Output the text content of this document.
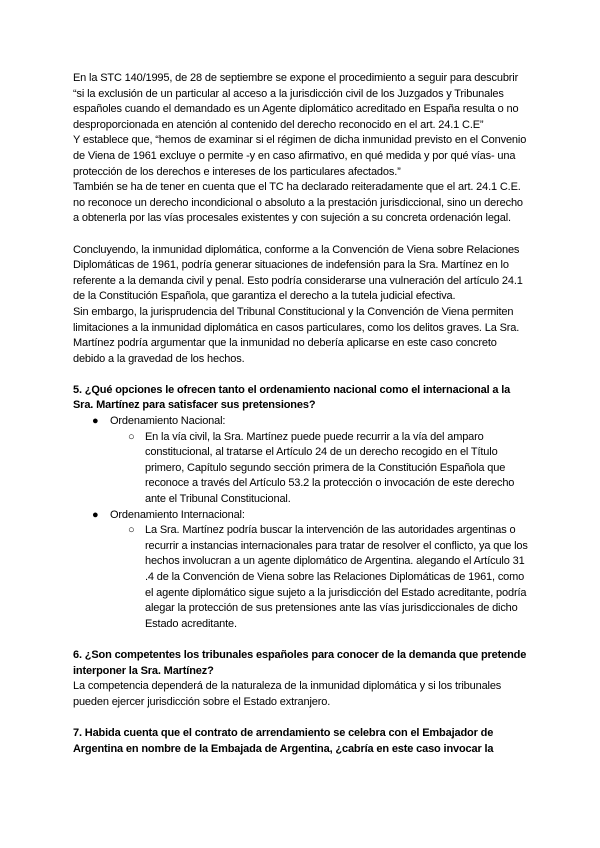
En la STC 140/1995, de 28 de septiembre se expone el procedimiento a seguir para descubrir “si la exclusión de un particular al acceso a la jurisdicción civil de los Juzgados y Tribunales españoles cuando el demandado es un Agente diplomático acreditado en España resulta o no desproporcionada en atención al contenido del derecho reconocido en el art. 24.1 C.E”

Y establece que, “hemos de examinar si el régimen de dicha inmunidad previsto en el Convenio de Viena de 1961 excluye o permite -y en caso afirmativo, en qué medida y por qué vías- una protección de los derechos e intereses de los particulares afectados.”

También se ha de tener en cuenta que el TC ha declarado reiteradamente que el art. 24.1 C.E. no reconoce un derecho incondicional o absoluto a la prestación jurisdiccional, sino un derecho a obtenerla por las vías procesales existentes y con sujeción a su concreta ordenación legal.

Concluyendo, la inmunidad diplomática, conforme a la Convención de Viena sobre Relaciones Diplomáticas de 1961, podría generar situaciones de indefensión para la Sra. Martínez en lo referente a la demanda civil y penal. Esto podría considerarse una vulneración del artículo 24.1 de la Constitución Española, que garantiza el derecho a la tutela judicial efectiva.

Sin embargo, la jurisprudencia del Tribunal Constitucional y la Convención de Viena permiten limitaciones a la inmunidad diplomática en casos particulares, como los delitos graves. La Sra. Martínez podría argumentar que la inmunidad no debería aplicarse en este caso concreto debido a la gravedad de los hechos.

5. ¿Qué opciones le ofrecen tanto el ordenamiento nacional como el internacional a la Sra. Martínez para satisfacer sus pretensiones?

● Ordenamiento Nacional:
○ En la vía civil, la Sra. Martínez puede puede recurrir a la vía del amparo constitucional, al tratarse el Artículo 24 de un derecho recogido en el Título primero, Capítulo segundo sección primera de la Constitución Española que reconoce a través del Artículo 53.2 la protección o invocación de este derecho ante el Tribunal Constitucional.
● Ordenamiento Internacional:
○ La Sra. Martínez podría buscar la intervención de las autoridades argentinas o recurrir a instancias internacionales para tratar de resolver el conflicto, ya que los hechos involucran a un agente diplomático de Argentina. alegando el Artículo 31 .4 de la Convención de Viena sobre las Relaciones Diplomáticas de 1961, como el agente diplomático sigue sujeto a la jurisdicción del Estado acreditante, podría alegar la protección de sus pretensiones ante las vías jurisdiccionales de dicho Estado acreditante.

6. ¿Son competentes los tribunales españoles para conocer de la demanda que pretende interponer la Sra. Martínez?

La competencia dependerá de la naturaleza de la inmunidad diplomática y si los tribunales pueden ejercer jurisdicción sobre el Estado extranjero.

7. Habida cuenta que el contrato de arrendamiento se celebra con el Embajador de Argentina en nombre de la Embajada de Argentina, ¿cabría en este caso invocar la
